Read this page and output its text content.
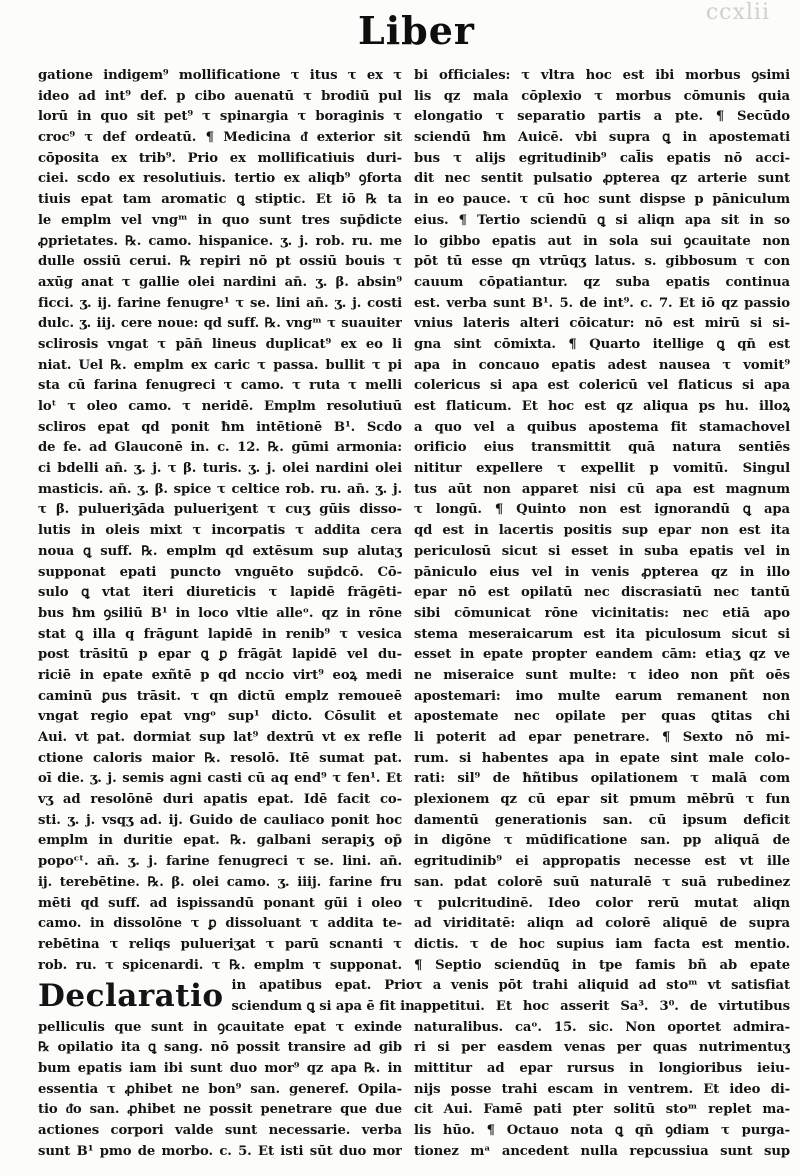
ccxlii
Liber
gatione indigem⁹ mollificatione τ itus τ ex τ
ideo ad int⁹ def. p cibo auenatū τ brodiū pul
lorū in quo sit pet⁹ τ spinargia τ boraginis τ
croc⁹ τ def ordeatū. ¶ Medicina ᵭ exterior sit
cōposita ex trib⁹. Prio ex mollificatiuis duri-
ciei. scdo ex resolutiuis. tertio ex aliqb⁹ ꝯforta
tiuis epat tam aromatic ꝗ stiptic. Et iō ℞ ta
le emplm vel vngᵐ in quo sunt tres sup̄dicte
ꝓprietates. ℞. camo. hispanice. ʒ. j. rob. ru. me
dulle ossiū cerui. ℞ repiri nō pt ossiū bouis τ
axūg anat τ gallie olei nardini an̄. ʒ. β. absin⁹
ficci. ʒ. ij. farine fenugre¹ τ se. lini an̄. ʒ. j. costi
dulc. ʒ. iij. cere noue: qd suff. ℞. vngᵐ τ suauiter
sclirosis vngat τ pān̄ lineus duplicat⁹ ex eo li
niat. Uel ℞. emplm ex caric τ passa. bullit τ pi
sta cū farina fenugreci τ camo. τ ruta τ melli
loᵗ τ oleo camo. τ neridē. Emplm resolutiuū
scliros epat qd ponit ħm intētionē B¹. Scdo
de fe. ad Glauconē in. c. 12. ℞. gūmi armonia:
ci bdelli an̄. ʒ. j. τ β. turis. ʒ. j. olei nardini olei
masticis. an̄. ʒ. β. spice τ celtice rob. ru. an̄. ʒ. j.
τ β. pulueriʒāda pulueriʒent τ cuʒ gūis disso-
lutis in oleis mixt τ incorpatis τ addita cera
noua ꝗ suff. ℞. emplm qd extēsum sup alutaʒ
supponat epati puncto vnguēto sup̄dcō. Cō-
sulo ꝗ vtat iteri diureticis τ lapidē frāgēti-
bus ħm ꝯsiliū B¹ in loco vltie alleᵒ. qz in rōne
stat ꝗ illa q frāgunt lapidē in renib⁹ τ vesica
post trāsitū p epar ꝗ ꝑ frāgāt lapidē vel du-
riciē in epate exñtē p qd nccio virt⁹ eoꝝ medi
caminū ꝑus trāsit. τ qn dictū emplz remoueē
vngat regio epat vngᵒ sup¹ dicto. Cōsulit et
Aui. vt pat. dormiat sup lat⁹ dextrū vt ex refle
ctione caloris maior ℞. resolō. Itē sumat pat.
oī die. ʒ. j. semis agni casti cū aq end⁹ τ fen¹. Et
vʒ ad resolōnē duri apatis epat. Idē facit co-
sti. ʒ. j. vsqʒ ad. ij. Guido de cauliaco ponit hoc
emplm in duritie epat. ℞. galbani serapiʒ op̄
popoᶜᵗ. an̄. ʒ. j. farine fenugreci τ se. lini. an̄.
ij. terebētine. ℞. β. olei camo. ʒ. iiij. farine fru
mēti qd suff. ad ispissandū ponant gūi i oleo
camo. in dissolōne τ ꝑ dissoluant τ addita te-
rebētina τ reliqs pulueriʒat τ parū scnanti τ
rob. ru. τ spicenardi. τ ℞. emplm τ supponat.
Declaratio in apatibus epat. Prio
sciendum ꝗ si apa ē fit in
pelliculis que sunt in ꝯcauitate epat τ exinde
℞ opilatio ita ꝗ sang. nō possit transire ad gib
bum epatis iam ibi sunt duo mor⁹ qz apa ℞. in
essentia τ ꝓhibet ne bon⁹ san. generef. Opila-
tio ᵭo san. ꝓhibet ne possit penetrare que due
actiones corpori valde sunt necessarie. verba
sunt B¹ pmo de morbo. c. 5. Et isti sūt duo mor
bi officiales: τ vltra hoc est ibi morbus ꝯsimi
lis qz mala cōplexio τ morbus cōmunis quia
elongatio τ separatio partis a pte. ¶ Secūdo
sciendū ħm Auicē. vbi supra ꝗ in apostemati
bus τ alijs egritudinib⁹ cal̄is epatis nō acci-
dit nec sentit pulsatio ꝓpterea qz arterie sunt
in eo pauce. τ cū hoc sunt dispse p pāniculum
eius. ¶ Tertio sciendū ꝗ si aliqn apa sit in so
lo gibbo epatis aut in sola sui ꝯcauitate non
pōt tū esse qn vtrūqʒ latus. s. gibbosum τ con
cauum cōpatiantur. qz suba epatis continua
est. verba sunt B¹. 5. de int⁹. c. 7. Et iō qz passio
vnius lateris alteri cōicatur: nō est mirū si si-
gna sint cōmixta. ¶ Quarto itellige ꝗ qn̄ est
apa in concauo epatis adest nausea τ vomit⁹
colericus si apa est colericū vel flaticus si apa
est flaticum. Et hoc est qz aliqua ps hu. illoꝝ
a quo vel a quibus apostema fit stamachovel
orificio eius transmittit quā natura sentiēs
nititur expellere τ expellit p vomitū. Singul
tus aūt non apparet nisi cū apa est magnum
τ longū. ¶ Quinto non est ignorandū ꝗ apa
qd est in lacertis positis sup epar non est ita
periculosū sicut si esset in suba epatis vel in
pāniculo eius vel in venis ꝓpterea qz in illo
epar nō est opilatū nec discrasiatū nec tantū
sibi cōmunicat rōne vicinitatis: nec etiā apo
stema meseraicarum est ita piculosum sicut si
esset in epate propter eandem cām: etiaʒ qz ve
ne miseraice sunt multe: τ ideo non pñt oēs
apostemari: imo multe earum remanent non
apostemate nec opilate per quas ꝗtitas chi
li poterit ad epar penetrare. ¶ Sexto nō mi-
rum. si habentes apa in epate sint male colo-
rati: sil⁹ de ħñtibus opilationem τ malā com
plexionem qz cū epar sit pmum mēbrū τ fun
damentū generationis san. cū ipsum deficit
in digōne τ mūdificatione san. pp aliquā de
egritudinib⁹ ei appropatis necesse est vt ille
san. pdat colorē suū naturalē τ suā rubedinez
τ pulcritudinē. Ideo color rerū mutat aliqn
ad viriditatē: aliqn ad colorē aliquē de supra
dictis. τ de hoc supius iam facta est mentio.
¶ Septio sciendūꝗ in tpe famis bñ ab epate
τ a venis pōt trahi aliquid ad stoᵐ vt satisfiat
appetitui. Et hoc asserit Sa³. 3⁰. de virtutibus
naturalibus. caᵒ. 15. sic. Non oportet admira-
ri si per easdem venas per quas nutrimentuʒ
mittitur ad epar rursus in longioribus ieiu-
nijs posse trahi escam in ventrem. Et ideo di-
cit Aui. Famē pati pter solitū stoᵐ replet ma-
lis hūo. ¶ Octauo nota ꝗ qn̄ ꝯdiam τ purga-
tionez mᵃ ancedent nulla repcussiua sunt sup
